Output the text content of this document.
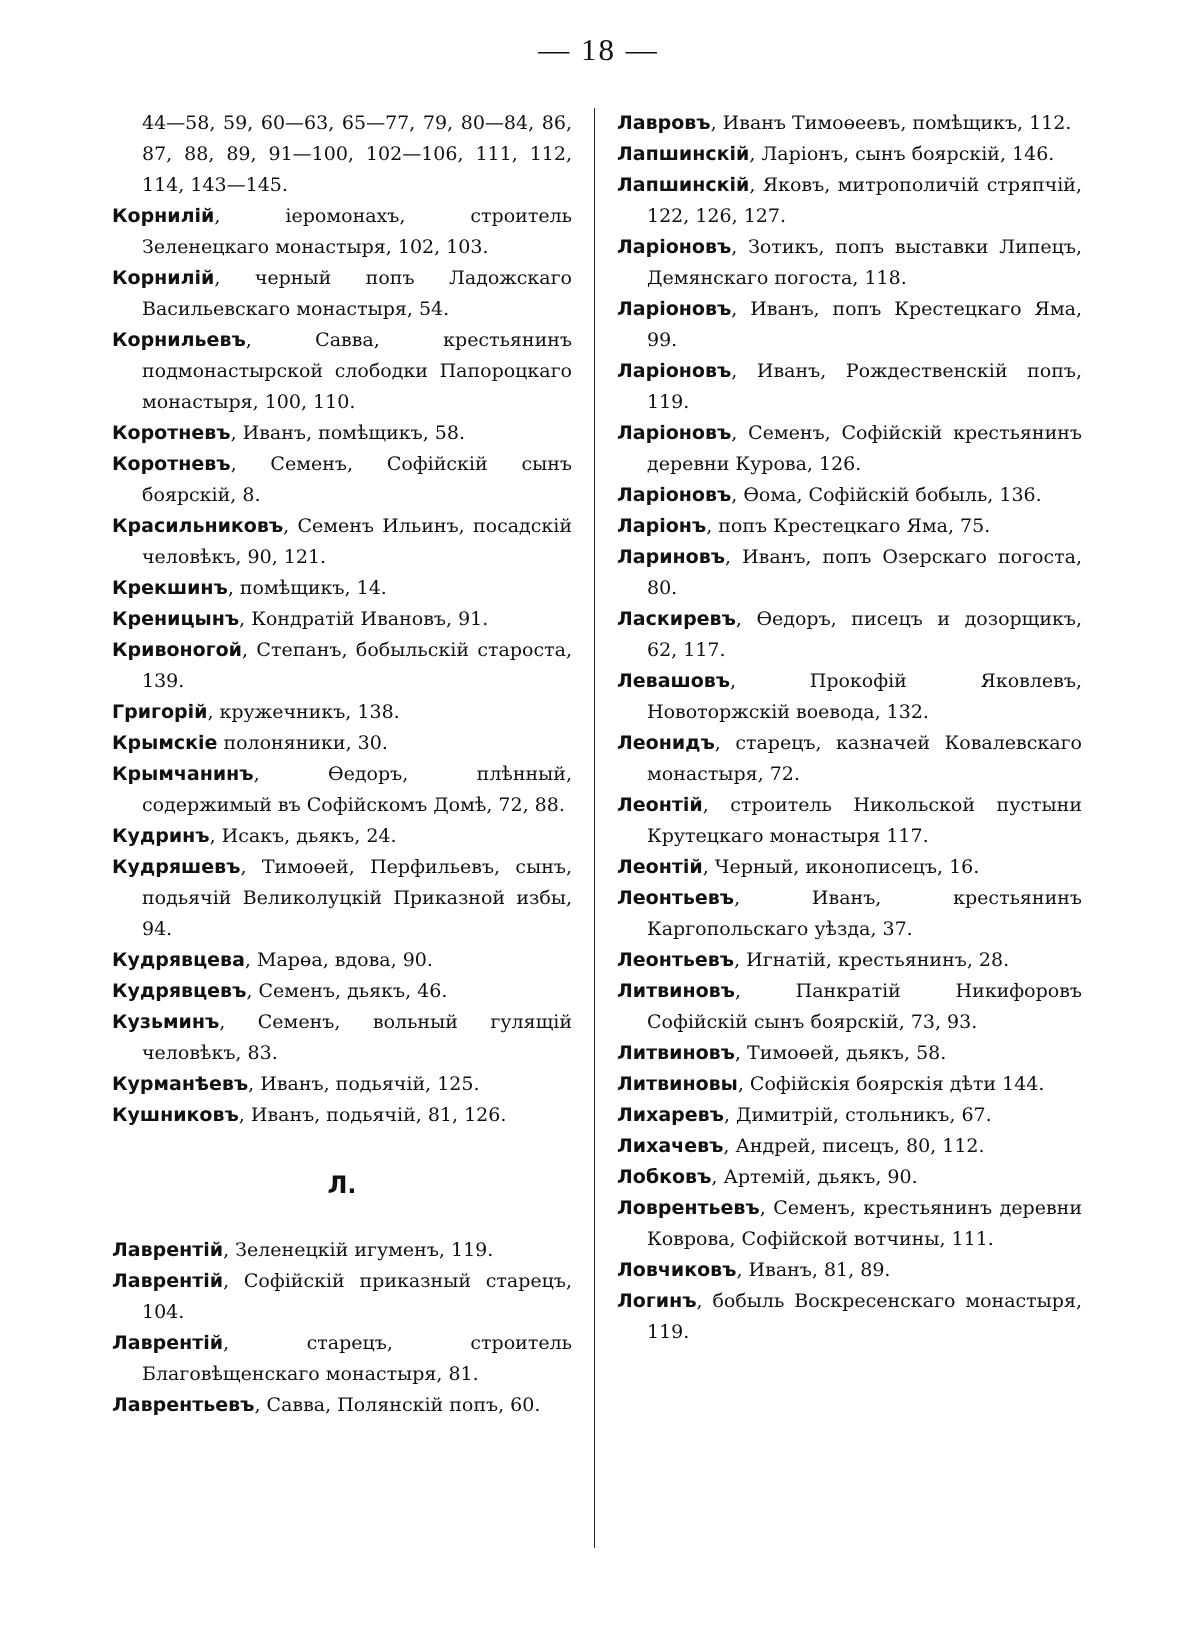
— 18 —

44—58, 59, 60—63, 65—77, 79, 80—84, 86, 87, 88, 89, 91—100, 102—106, 111, 112, 114, 143—145.

Корнилій, іеромонахъ, строитель Зеленецкаго монастыря, 102, 103.

Корнилій, черный попъ Ладожскаго Васильевскаго монастыря, 54.

Корнильевъ, Савва, крестьянинъ подмонастырской слободки Папороцкаго монастыря, 100, 110.

Коротневъ, Иванъ, помѣщикъ, 58.

Коротневъ, Семенъ, Софійскій сынъ боярскій, 8.

Красильниковъ, Семенъ Ильинъ, посадскій человѣкъ, 90, 121.

Крекшинъ, помѣщикъ, 14.

Креницынъ, Кондратій Ивановъ, 91.

Кривоногой, Степанъ, бобыльскій староста, 139.

Григорій, кружечникъ, 138.

Крымскіе полоняники, 30.

Крымчанинъ, Өедоръ, плѣнный, содержимый въ Софійскомъ Домѣ, 72, 88.

Кудринъ, Исакъ, дьякъ, 24.

Кудряшевъ, Тимоөей, Перфильевъ, сынъ, подьячій Великолуцкій Приказной избы, 94.

Кудрявцева, Марөа, вдова, 90.

Кудрявцевъ, Семенъ, дьякъ, 46.

Кузьминъ, Семенъ, вольный гулящій человѣкъ, 83.

Курманѣевъ, Иванъ, подьячій, 125.

Кушниковъ, Иванъ, подьячій, 81, 126.

Л.

Лаврентій, Зеленецкій игуменъ, 119.

Лаврентій, Софійскій приказный старецъ, 104.

Лаврентій, старецъ, строитель Благовѣщенскаго монастыря, 81.

Лаврентьевъ, Савва, Полянскій попъ, 60.

Лавровъ, Иванъ Тимоөеевъ, помѣщикъ, 112.

Лапшинскій, Ларіонъ, сынъ боярскій, 146.

Лапшинскій, Яковъ, митрополичій стряпчій, 122, 126, 127.

Ларіоновъ, Зотикъ, попъ выставки Липецъ, Демянскаго погоста, 118.

Ларіоновъ, Иванъ, попъ Крестецкаго Яма, 99.

Ларіоновъ, Иванъ, Рождественскій попъ, 119.

Ларіоновъ, Семенъ, Софійскій крестьянинъ деревни Курова, 126.

Ларіоновъ, Өома, Софійскій бобыль, 136.

Ларіонъ, попъ Крестецкаго Яма, 75.

Лариновъ, Иванъ, попъ Озерскаго погоста, 80.

Ласкиревъ, Өедоръ, писецъ и дозорщикъ, 62, 117.

Левашовъ, Прокофій Яковлевъ, Новоторжскій воевода, 132.

Леонидъ, старецъ, казначей Ковалевскаго монастыря, 72.

Леонтій, строитель Никольской пустыни Крутецкаго монастыря 117.

Леонтій, Черный, иконописецъ, 16.

Леонтьевъ, Иванъ, крестьянинъ Каргопольскаго уѣзда, 37.

Леонтьевъ, Игнатій, крестьянинъ, 28.

Литвиновъ, Панкратій Никифоровъ Софійскій сынъ боярскій, 73, 93.

Литвиновъ, Тимоөей, дьякъ, 58.

Литвиновы, Софійскія боярскія дѣти 144.

Лихаревъ, Димитрій, стольникъ, 67.

Лихачевъ, Андрей, писецъ, 80, 112.

Лобковъ, Артемій, дьякъ, 90.

Ловрентьевъ, Семенъ, крестьянинъ деревни Коврова, Софійской вотчины, 111.

Ловчиковъ, Иванъ, 81, 89.

Логинъ, бобыль Воскресенскаго монастыря, 119.
